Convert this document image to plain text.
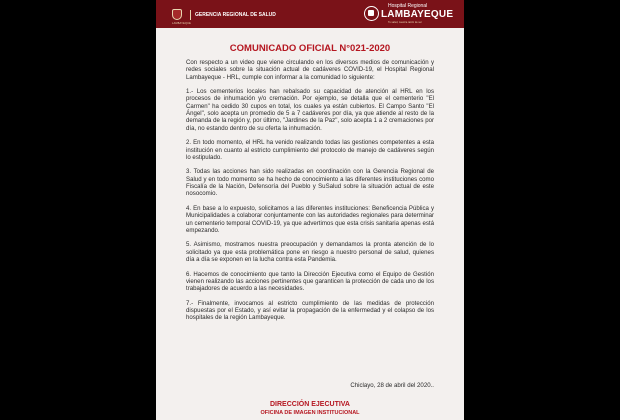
LAMBAYEQUE
GERENCIA REGIONAL DE SALUD
Hospital Regional
LAMBAYEQUE
Tu salud, nuestra razón de ser
COMUNICADO OFICIAL N°021-2020

Con respecto a un video que viene circulando en los diversos medios de comunicación y redes sociales sobre la situación actual de cadáveres COVID-19, el Hospital Regional Lambayeque - HRL, cumple con informar a la comunidad lo siguiente:

1.- Los cementerios locales han rebalsado su capacidad de atención al HRL en los procesos de inhumación y/o cremación. Por ejemplo, se detalla que el cementerio "El Carmen" ha cedido 30 cupos en total, los cuales ya están cubiertos. El Campo Santo "El Ángel", solo acepta un promedio de 5 a 7 cadáveres por día, ya que atiende al resto de la demanda de la región y, por último, "Jardines de la Paz", solo acepta 1 a 2 cremaciones por día, no estando dentro de su oferta la inhumación.

2. En todo momento, el HRL ha venido realizando todas las gestiones competentes a esta institución en cuanto al estricto cumplimiento del protocolo de manejo de cadáveres según lo estipulado.

3. Todas las acciones han sido realizadas en coordinación con la Gerencia Regional de Salud y en todo momento se ha hecho de conocimiento a las diferentes instituciones como Fiscalía de la Nación, Defensoría del Pueblo y SuSalud sobre la situación actual de este nosocomio.

4. En base a lo expuesto, solicitamos a las diferentes instituciones: Beneficencia Pública y Municipalidades a colaborar conjuntamente con las autoridades regionales para determinar un cementerio temporal COVID-19, ya que advertimos que esta crisis sanitaria apenas está empezando.

5. Asimismo, mostramos nuestra preocupación y demandamos la pronta atención de lo solicitado ya que esta problemática pone en riesgo a nuestro personal de salud, quienes día a día se exponen en la lucha contra esta Pandemia.

6. Hacemos de conocimiento que tanto la Dirección Ejecutiva como el Equipo de Gestión vienen realizando las acciones pertinentes que garanticen la protección de cada uno de los trabajadores de acuerdo a las necesidades.

7.- Finalmente, invocamos al estricto cumplimiento de las medidas de protección dispuestas por el Estado, y así evitar la propagación de la enfermedad y el colapso de los hospitales de la región Lambayeque.

Chiclayo, 28 de abril del 2020..
DIRECCIÓN EJECUTIVA
OFICINA DE IMAGEN INSTITUCIONAL
